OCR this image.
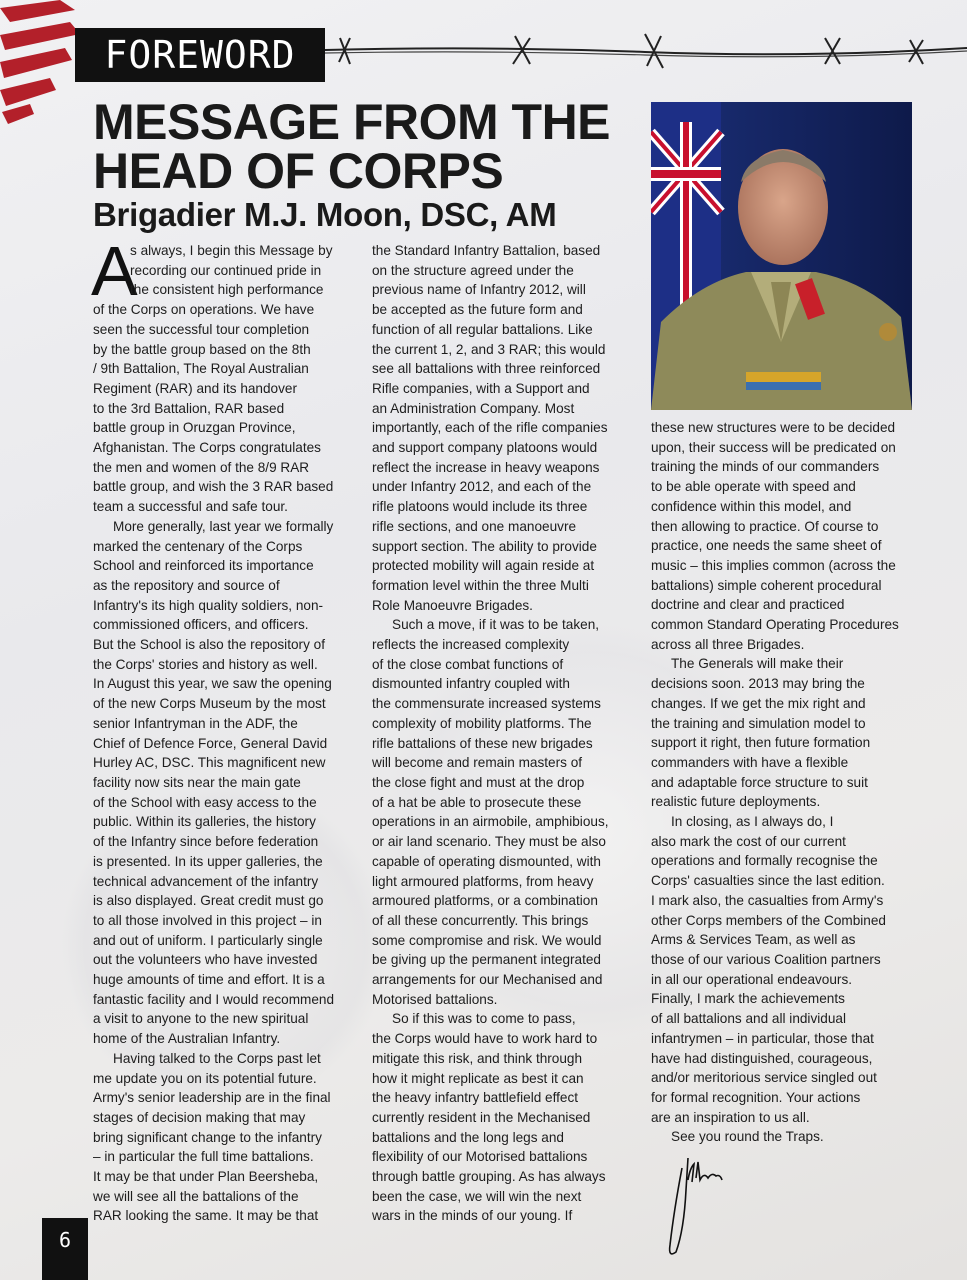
FOREWORD
MESSAGE FROM THE
HEAD OF CORPS
Brigadier M.J. Moon, DSC, AM
A
s always, I begin this Message by
recording our continued pride in
the consistent high performance
of the Corps on operations. We have
seen the successful tour completion
by the battle group based on the 8th
/ 9th Battalion, The Royal Australian
Regiment (RAR) and its handover
to the 3rd Battalion, RAR based
battle group in Oruzgan Province,
Afghanistan. The Corps congratulates
the men and women of the 8/9 RAR
battle group, and wish the 3 RAR based
team a successful and safe tour.
More generally, last year we formally
marked the centenary of the Corps
School and reinforced its importance
as the repository and source of
Infantry's its high quality soldiers, non-
commissioned officers, and officers.
But the School is also the repository of
the Corps' stories and history as well.
In August this year, we saw the opening
of the new Corps Museum by the most
senior Infantryman in the ADF, the
Chief of Defence Force, General David
Hurley AC, DSC. This magnificent new
facility now sits near the main gate
of the School with easy access to the
public. Within its galleries, the history
of the Infantry since before federation
is presented. In its upper galleries, the
technical advancement of the infantry
is also displayed. Great credit must go
to all those involved in this project – in
and out of uniform. I particularly single
out the volunteers who have invested
huge amounts of time and effort. It is a
fantastic facility and I would recommend
a visit to anyone to the new spiritual
home of the Australian Infantry.
Having talked to the Corps past let
me update you on its potential future.
Army's senior leadership are in the final
stages of decision making that may
bring significant change to the infantry
– in particular the full time battalions.
It may be that under Plan Beersheba,
we will see all the battalions of the
RAR looking the same. It may be that
the Standard Infantry Battalion, based
on the structure agreed under the
previous name of Infantry 2012, will
be accepted as the future form and
function of all regular battalions. Like
the current 1, 2, and 3 RAR; this would
see all battalions with three reinforced
Rifle companies, with a Support and
an Administration Company. Most
importantly, each of the rifle companies
and support company platoons would
reflect the increase in heavy weapons
under Infantry 2012, and each of the
rifle platoons would include its three
rifle sections, and one manoeuvre
support section. The ability to provide
protected mobility will again reside at
formation level within the three Multi
Role Manoeuvre Brigades.
Such a move, if it was to be taken,
reflects the increased complexity
of the close combat functions of
dismounted infantry coupled with
the commensurate increased systems
complexity of mobility platforms. The
rifle battalions of these new brigades
will become and remain masters of
the close fight and must at the drop
of a hat be able to prosecute these
operations in an airmobile, amphibious,
or air land scenario. They must be also
capable of operating dismounted, with
light armoured platforms, from heavy
armoured platforms, or a combination
of all these concurrently. This brings
some compromise and risk. We would
be giving up the permanent integrated
arrangements for our Mechanised and
Motorised battalions.
So if this was to come to pass,
the Corps would have to work hard to
mitigate this risk, and think through
how it might replicate as best it can
the heavy infantry battlefield effect
currently resident in the Mechanised
battalions and the long legs and
flexibility of our Motorised battalions
through battle grouping. As has always
been the case, we will win the next
wars in the minds of our young. If
these new structures were to be decided
upon, their success will be predicated on
training the minds of our commanders
to be able operate with speed and
confidence within this model, and
then allowing to practice. Of course to
practice, one needs the same sheet of
music – this implies common (across the
battalions) simple coherent procedural
doctrine and clear and practiced
common Standard Operating Procedures
across all three Brigades.
The Generals will make their
decisions soon. 2013 may bring the
changes. If we get the mix right and
the training and simulation model to
support it right, then future formation
commanders with have a flexible
and adaptable force structure to suit
realistic future deployments.
In closing, as I always do, I
also mark the cost of our current
operations and formally recognise the
Corps' casualties since the last edition.
I mark also, the casualties from Army's
other Corps members of the Combined
Arms & Services Team, as well as
those of our various Coalition partners
in all our operational endeavours.
Finally, I mark the achievements
of all battalions and all individual
infantrymen – in particular, those that
have had distinguished, courageous,
and/or meritorious service singled out
for formal recognition. Your actions
are an inspiration to us all.
See you round the Traps.
6
